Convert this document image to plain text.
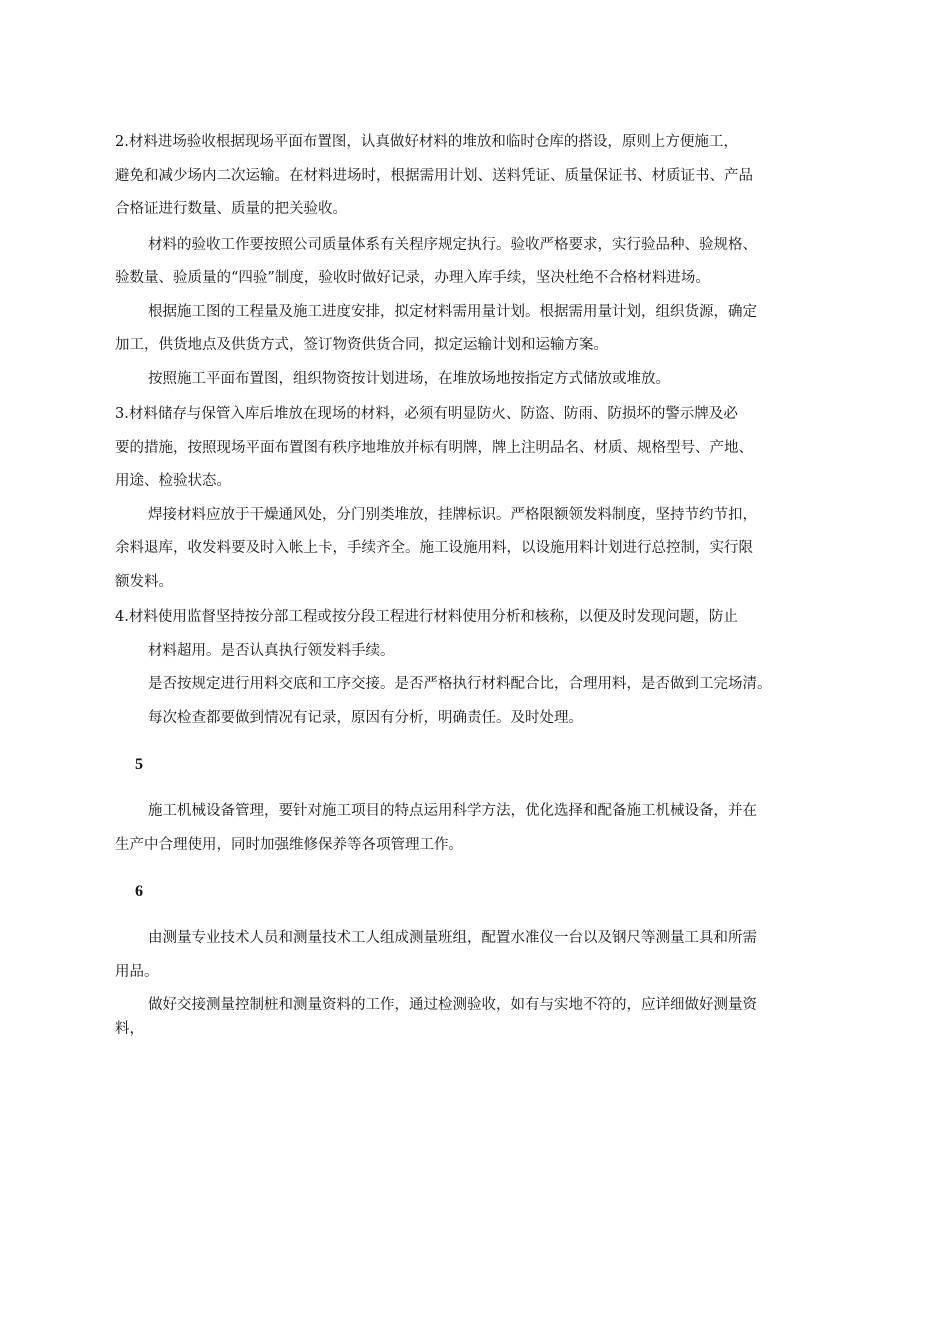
2.材料进场验收根据现场平面布置图，认真做好材料的堆放和临时仓库的搭设，原则上方便施工，
避免和减少场内二次运输。在材料进场时，根据需用计划、送料凭证、质量保证书、材质证书、产品
合格证进行数量、质量的把关验收。
材料的验收工作要按照公司质量体系有关程序规定执行。验收严格要求，实行验品种、验规格、
验数量、验质量的“四验”制度，验收时做好记录，办理入库手续，坚决杜绝不合格材料进场。
根据施工图的工程量及施工进度安排，拟定材料需用量计划。根据需用量计划，组织货源，确定
加工，供货地点及供货方式，签订物资供货合同，拟定运输计划和运输方案。
按照施工平面布置图，组织物资按计划进场，在堆放场地按指定方式储放或堆放。
3.材料储存与保管入库后堆放在现场的材料，必须有明显防火、防盗、防雨、防损坏的警示牌及必
要的措施，按照现场平面布置图有秩序地堆放并标有明牌，牌上注明品名、材质、规格型号、产地、
用途、检验状态。
焊接材料应放于干燥通风处，分门别类堆放，挂牌标识。严格限额领发料制度，坚持节约节扣，
余料退库，收发料要及时入帐上卡，手续齐全。施工设施用料，以设施用料计划进行总控制，实行限
额发料。
4.材料使用监督坚持按分部工程或按分段工程进行材料使用分析和核称，以便及时发现问题，防止
材料超用。是否认真执行领发料手续。
是否按规定进行用料交底和工序交接。是否严格执行材料配合比，合理用料，是否做到工完场清。
每次检查都要做到情况有记录，原因有分析，明确责任。及时处理。
5
施工机械设备管理，要针对施工项目的特点运用科学方法，优化选择和配备施工机械设备，并在
生产中合理使用，同时加强维修保养等各项管理工作。
6
由测量专业技术人员和测量技术工人组成测量班组，配置水准仪一台以及钢尺等测量工具和所需
用品。
做好交接测量控制桩和测量资料的工作，通过检测验收，如有与实地不符的，应详细做好测量资
料，
